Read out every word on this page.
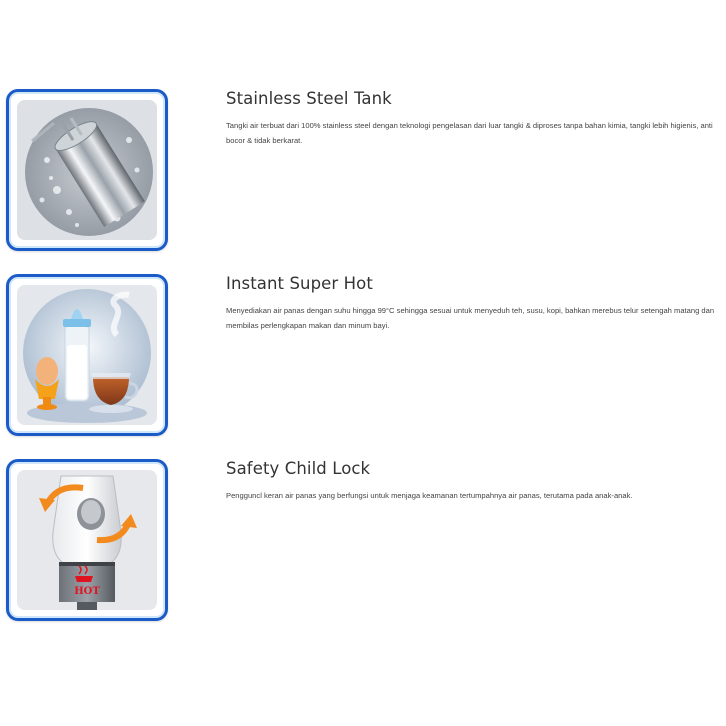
Stainless Steel Tank

Tangki air terbuat dari 100% stainless steel dengan teknologi pengelasan dari luar tangki & diproses tanpa bahan kimia, tangki lebih higienis, anti bocor & tidak berkarat.

Instant Super Hot

Menyediakan air panas dengan suhu hingga 99°C sehingga sesuai untuk menyeduh teh, susu, kopi, bahkan merebus telur setengah matang dan membilas perlengkapan makan dan minum bayi.

HOT
Safety Child Lock

Pengguncl keran air panas yang berfungsi untuk menjaga keamanan tertumpahnya air panas, terutama pada anak-anak.
